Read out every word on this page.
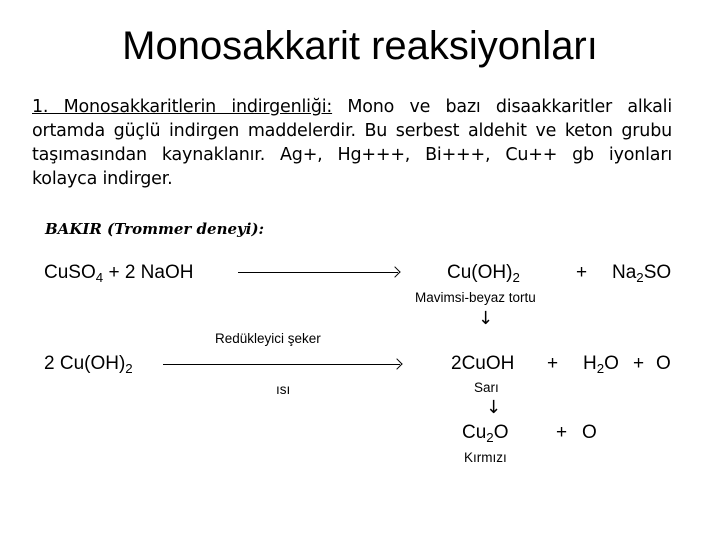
Monosakkarit reaksiyonları
1. Monosakkaritlerin indirgenliği: Mono ve bazı disaakkaritler alkali ortamda güçlü indirgen maddelerdir. Bu serbest aldehit ve keton grubu taşımasından kaynaklanır. Ag+, Hg+++, Bi+++, Cu++ gb iyonları kolayca indirger.
BAKIR (Trommer deneyi):
CuSO$_4$ + 2 NaOH	$Cu(OH)_2$	+ $Na_2SO$
Mavimsi-beyaz tortu
↓
Redükleyici şeker
2 $Cu(OH)_2$
ısı
2CuOH + $H_2O + O$
Sarı
↓
$Cu_2O$	+ O
Kırmızı
